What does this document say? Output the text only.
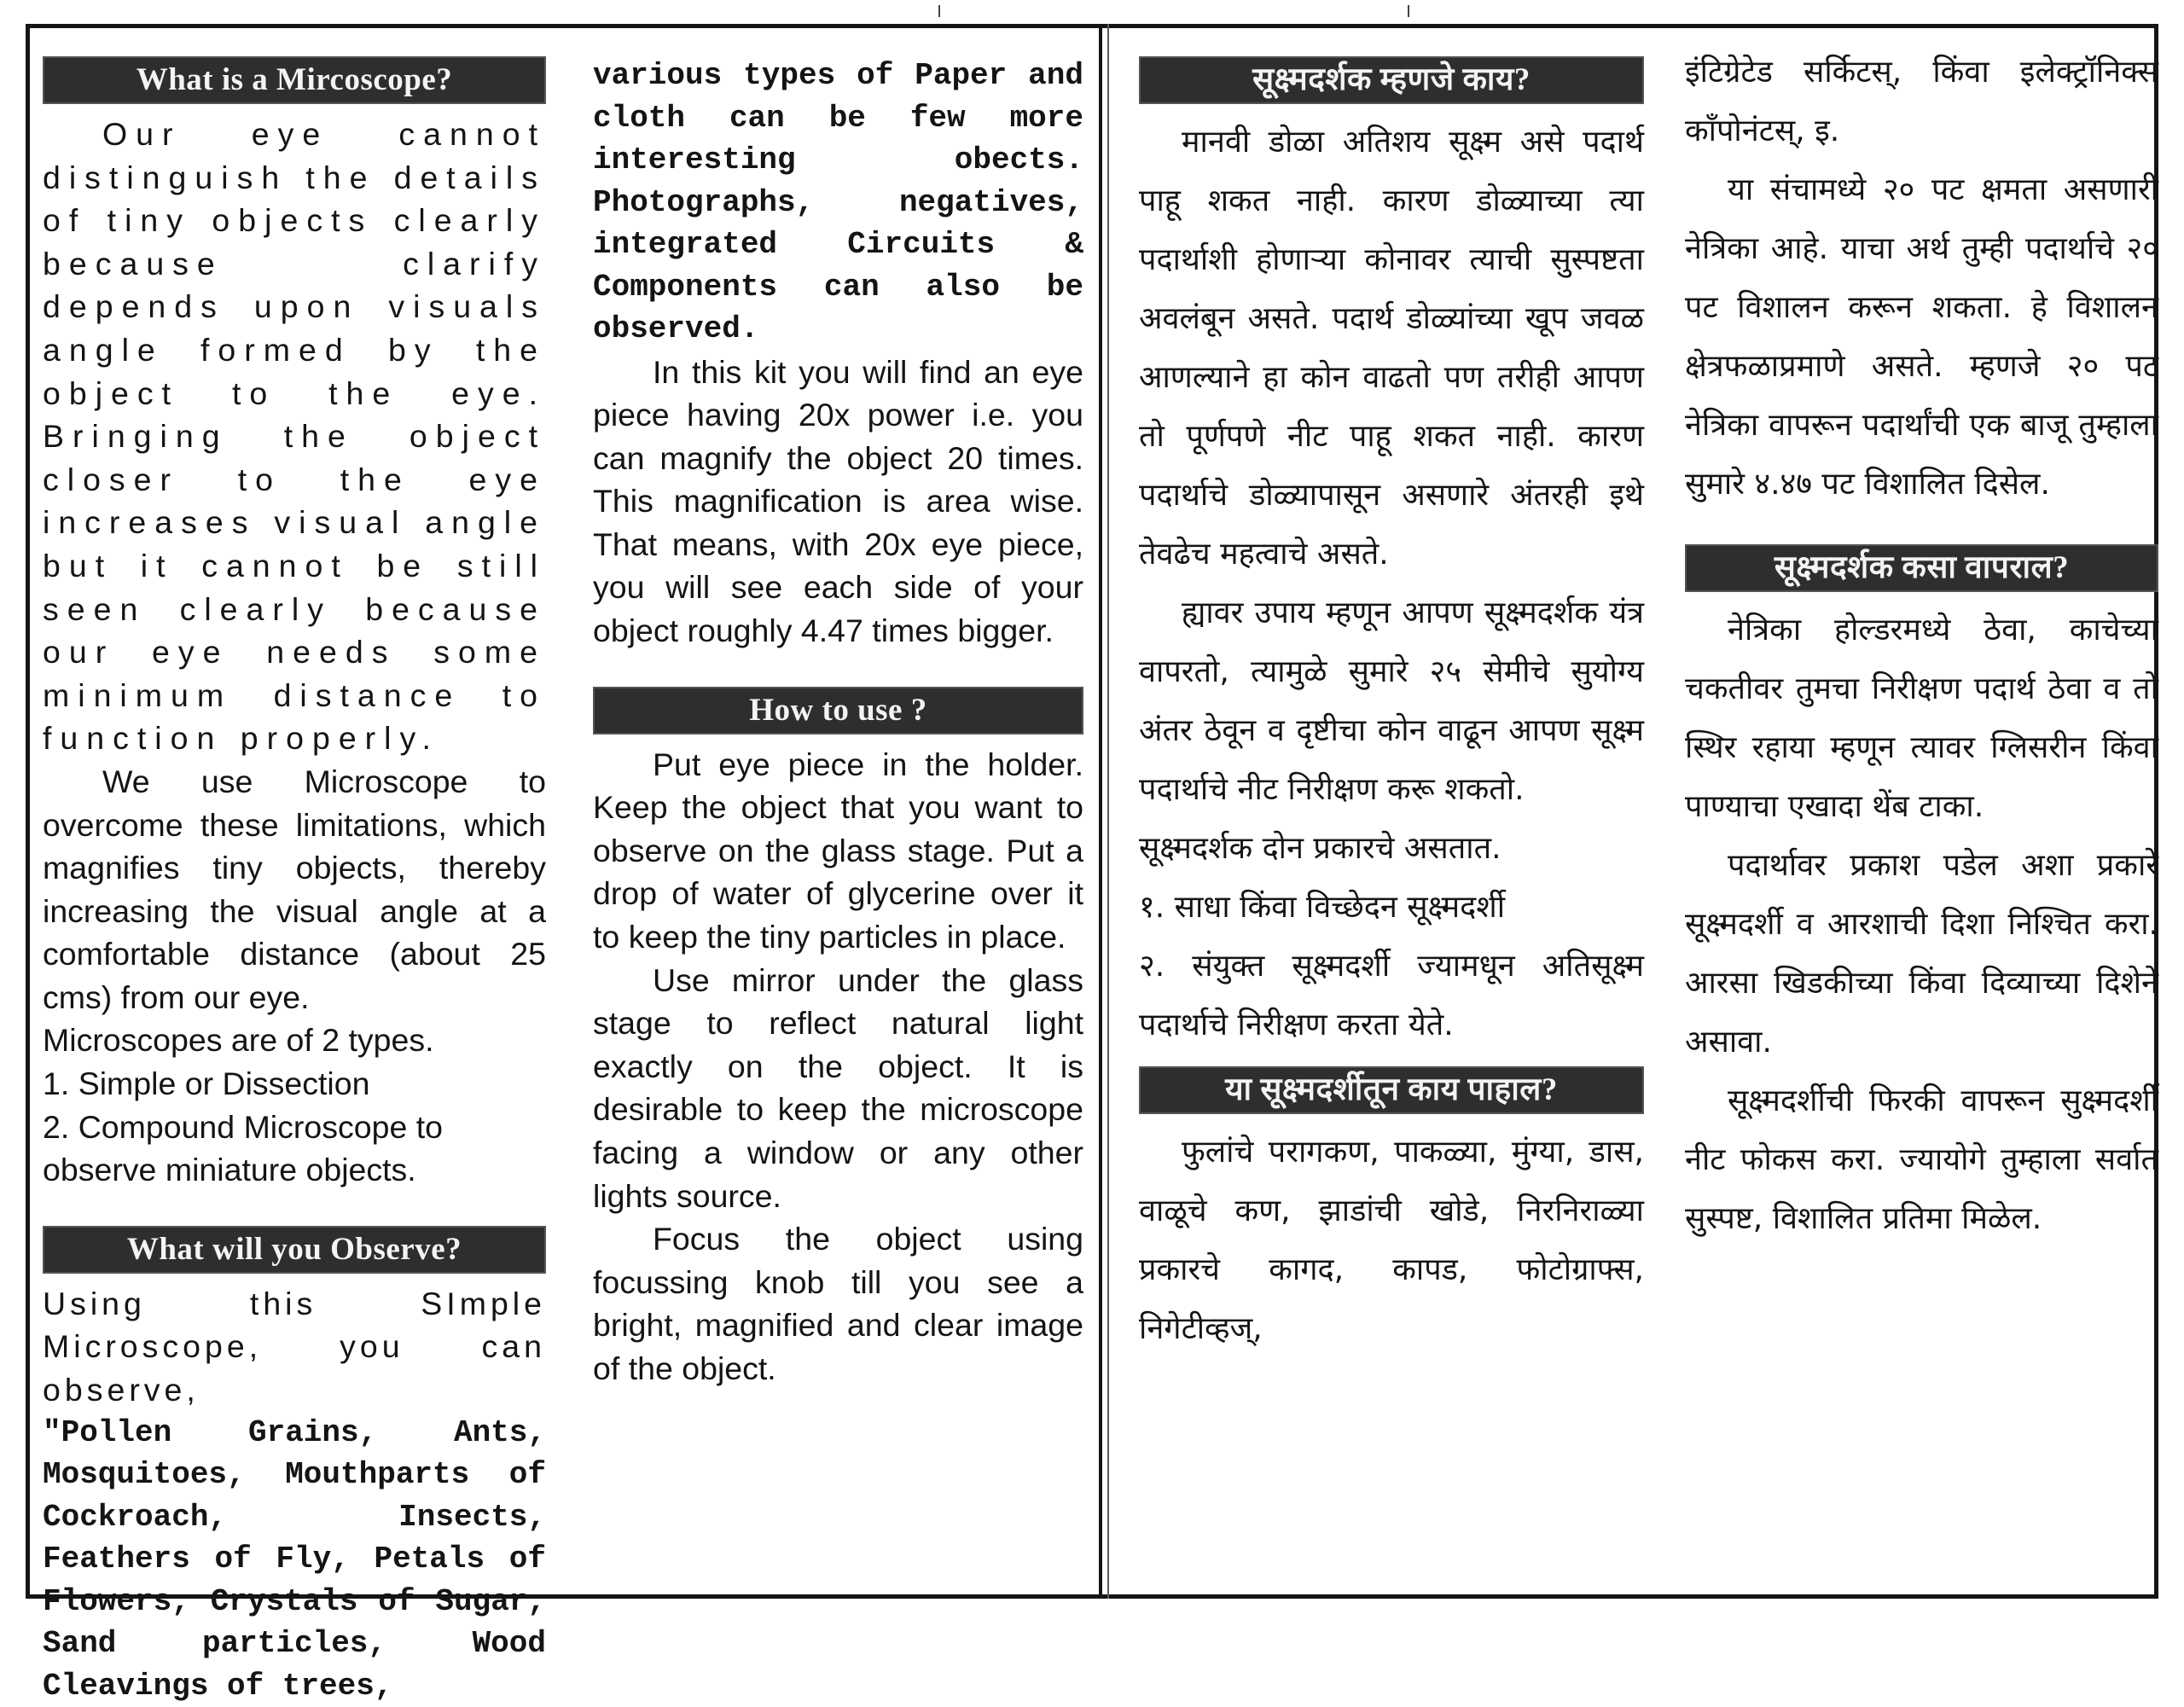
What is a Mircoscope?

Our eye cannot distinguish the details of tiny objects clearly because clarify depends upon visuals angle formed by the object to the eye. Bringing the object closer to the eye increases visual angle but it cannot be still seen clearly because our eye needs some minimum distance to function properly.

We use Microscope to overcome these limitations, which magnifies tiny objects, thereby increasing the visual angle at a comfortable distance (about 25 cms) from our eye.

Microscopes are of 2 types.

1. Simple or Dissection

2. Compound Microscope to observe miniature objects.

What will you Observe?

Using this SImple Microscope, you can observe,

"Pollen Grains, Ants, Mosquitoes, Mouthparts of Cockroach, Insects, Feathers of Fly, Petals of Flowers, Crystals of Sugar, Sand particles, Wood Cleavings of trees,

various types of Paper and cloth can be few more interesting obects. Photographs, negatives, integrated Circuits & Components can also be observed.

In this kit you will find an eye piece having 20x power i.e. you can magnify the object 20 times. This magnification is area wise. That means, with 20x eye piece, you will see each side of your object roughly 4.47 times bigger.

How to use ?

Put eye piece in the holder. Keep the object that you want to observe on the glass stage. Put a drop of water of glycerine over it to keep the tiny particles in place.

Use mirror under the glass stage to reflect natural light exactly on the object. It is desirable to keep the microscope facing a window or any other lights source.

Focus the object using focussing knob till you see a bright, magnified and clear image of the object.

सूक्ष्मदर्शक म्हणजे काय?

मानवी डोळा अतिशय सूक्ष्म असे पदार्थ पाहू शकत नाही. कारण डोळ्याच्या त्या पदार्थाशी होणाऱ्या कोनावर त्याची सुस्पष्टता अवलंबून असते. पदार्थ डोळ्यांच्या खूप जवळ आणल्याने हा कोन वाढतो पण तरीही आपण तो पूर्णपणे नीट पाहू शकत नाही. कारण पदार्थाचे डोळ्यापासून असणारे अंतरही इथे तेवढेच महत्वाचे असते.

ह्यावर उपाय म्हणून आपण सूक्ष्मदर्शक यंत्र वापरतो, त्यामुळे सुमारे २५ सेमीचे सुयोग्य अंतर ठेवून व दृष्टीचा कोन वाढून आपण सूक्ष्म पदार्थाचे नीट निरीक्षण करू शकतो.

सूक्ष्मदर्शक दोन प्रकारचे असतात.

१. साधा किंवा विच्छेदन सूक्ष्मदर्शी

२. संयुक्त सूक्ष्मदर्शी ज्यामधून अतिसूक्ष्म पदार्थाचे निरीक्षण करता येते.

या सूक्ष्मदर्शीतून काय पाहाल?

फुलांचे परागकण, पाकळ्या, मुंग्या, डास, वाळूचे कण, झाडांची खोडे, निरनिराळ्या प्रकारचे कागद, कापड, फोटोग्राफ्स, निगेटीव्हज्,

इंटिग्रेटेड सर्किटस्, किंवा इलेक्ट्रॉनिक्स कॉंपोनंटस्, इ.

या संचामध्ये २० पट क्षमता असणारी नेत्रिका आहे. याचा अर्थ तुम्ही पदार्थाचे २० पट विशालन करून शकता. हे विशालन क्षेत्रफळाप्रमाणे असते. म्हणजे २० पट नेत्रिका वापरून पदार्थांची एक बाजू तुम्हाला सुमारे ४.४७ पट विशालित दिसेल.

सूक्ष्मदर्शक कसा वापराल?

नेत्रिका होल्डरमध्ये ठेवा, काचेच्या चकतीवर तुमचा निरीक्षण पदार्थ ठेवा व तो स्थिर रहाया म्हणून त्यावर ग्लिसरीन किंवा पाण्याचा एखादा थेंब टाका.

पदार्थावर प्रकाश पडेल अशा प्रकारे सूक्ष्मदर्शी व आरशाची दिशा निश्चित करा. आरसा खिडकीच्या किंवा दिव्याच्या दिशेने असावा.

सूक्ष्मदर्शीची फिरकी वापरून सुक्ष्मदर्शी नीट फोकस करा. ज्यायोगे तुम्हाला सर्वात सुस्पष्ट, विशालित प्रतिमा मिळेल.
